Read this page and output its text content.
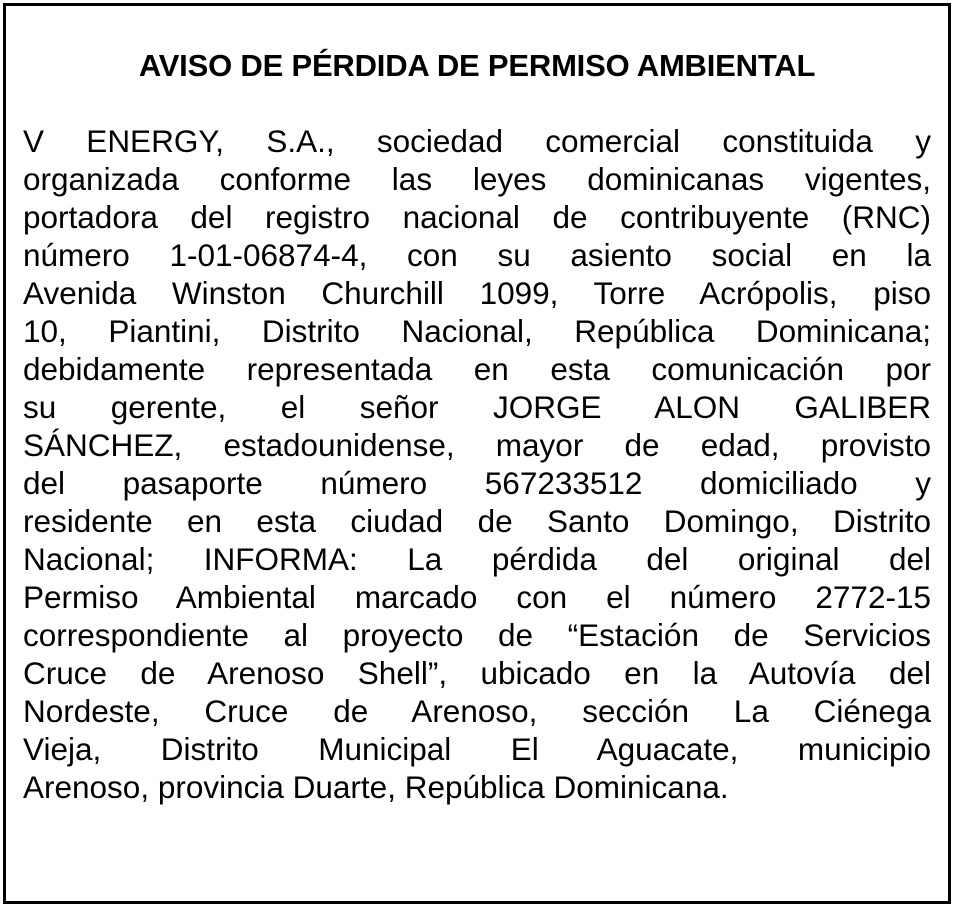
AVISO DE PÉRDIDA DE PERMISO AMBIENTAL
V ENERGY, S.A., sociedad comercial constituida y
organizada conforme las leyes dominicanas vigentes,
portadora del registro nacional de contribuyente (RNC)
número 1-01-06874-4, con su asiento social en la
Avenida Winston Churchill 1099, Torre Acrópolis, piso
10, Piantini, Distrito Nacional, República Dominicana;
debidamente representada en esta comunicación por
su gerente, el señor JORGE ALON GALIBER
SÁNCHEZ, estadounidense, mayor de edad, provisto
del pasaporte número 567233512 domiciliado y
residente en esta ciudad de Santo Domingo, Distrito
Nacional; INFORMA: La pérdida del original del
Permiso Ambiental marcado con el número 2772-15
correspondiente al proyecto de “Estación de Servicios
Cruce de Arenoso Shell”, ubicado en la Autovía del
Nordeste, Cruce de Arenoso, sección La Ciénega
Vieja, Distrito Municipal El Aguacate, municipio
Arenoso, provincia Duarte, República Dominicana.
